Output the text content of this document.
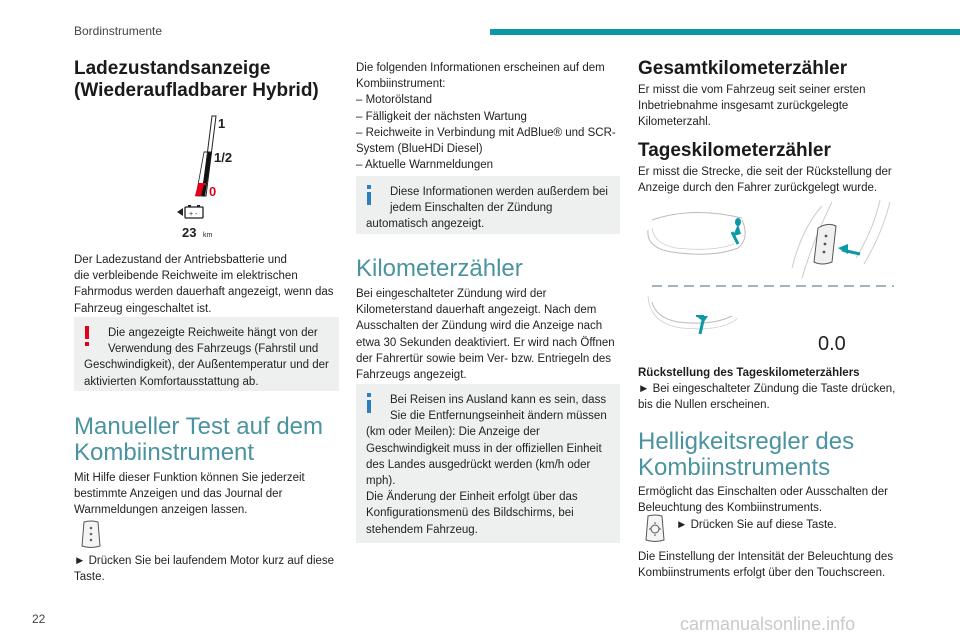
Bordinstrumente
Ladezustandsanzeige
(Wiederaufladbarer Hybrid)
1
1/2
0
+ -
23 km
Der Ladezustand der Antriebsbatterie und
die verbleibende Reichweite im elektrischen
Fahrmodus werden dauerhaft angezeigt, wenn das
Fahrzeug eingeschaltet ist.
Die angezeigte Reichweite hängt von der
Verwendung des Fahrzeugs (Fahrstil und
Geschwindigkeit), der Außentemperatur und der
aktivierten Komfortausstattung ab.
Manueller Test auf dem
Kombiinstrument
Mit Hilfe dieser Funktion können Sie jederzeit
bestimmte Anzeigen und das Journal der
Warnmeldungen anzeigen lassen.
► Drücken Sie bei laufendem Motor kurz auf diese
Taste.
Die folgenden Informationen erscheinen auf dem
Kombiinstrument:
– Motorölstand
– Fälligkeit der nächsten Wartung
– Reichweite in Verbindung mit AdBlue® und SCR-
System (BlueHDi Diesel)
– Aktuelle Warnmeldungen
Diese Informationen werden außerdem bei
jedem Einschalten der Zündung
automatisch angezeigt.
Kilometerzähler
Bei eingeschalteter Zündung wird der
Kilometerstand dauerhaft angezeigt. Nach dem
Ausschalten der Zündung wird die Anzeige nach
etwa 30 Sekunden deaktiviert. Er wird nach Öffnen
der Fahrertür sowie beim Ver- bzw. Entriegeln des
Fahrzeugs angezeigt.
Bei Reisen ins Ausland kann es sein, dass
Sie die Entfernungseinheit ändern müssen
(km oder Meilen): Die Anzeige der
Geschwindigkeit muss in der offiziellen Einheit
des Landes ausgedrückt werden (km/h oder
mph).
Die Änderung der Einheit erfolgt über das
Konfigurationsmenü des Bildschirms, bei
stehendem Fahrzeug.
Gesamtkilometerzähler
Er misst die vom Fahrzeug seit seiner ersten
Inbetriebnahme insgesamt zurückgelegte
Kilometerzahl.
Tageskilometerzähler
Er misst die Strecke, die seit der Rückstellung der
Anzeige durch den Fahrer zurückgelegt wurde.
0.0
Rückstellung des Tageskilometerzählers
► Bei eingeschalteter Zündung die Taste drücken,
bis die Nullen erscheinen.
Helligkeitsregler des
Kombiinstruments
Ermöglicht das Einschalten oder Ausschalten der
Beleuchtung des Kombiinstruments.
► Drücken Sie auf diese Taste.
Die Einstellung der Intensität der Beleuchtung des
Kombiinstruments erfolgt über den Touchscreen.
22	carmanualsonline.info
